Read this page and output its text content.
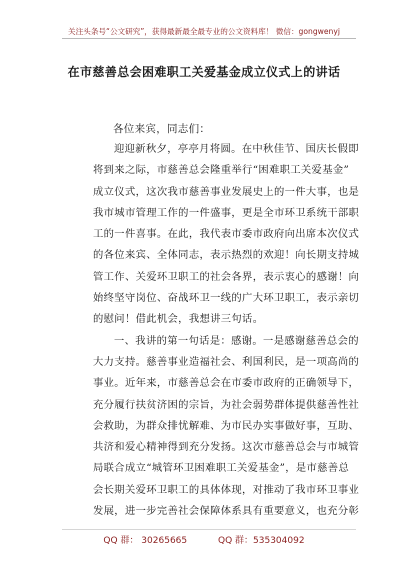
关注头条号“公文研究”，获得最新最全最专业的公文资料库！ 微信：gongwenyj
在市慈善总会困难职工关爱基金成立仪式上的讲话
各位来宾，同志们：
迎迎新秋夕，亭亭月将圆。在中秋佳节、国庆长假即
将到来之际，市慈善总会隆重举行“困难职工关爱基金”
成立仪式，这次我市慈善事业发展史上的一件大事，也是
我市城市管理工作的一件盛事，更是全市环卫系统干部职
工的一件喜事。在此，我代表市委市政府向出席本次仪式
的各位来宾、全体同志，表示热烈的欢迎！向长期支持城
管工作、关爱环卫职工的社会各界，表示衷心的感谢！向
始终坚守岗位、奋战环卫一线的广大环卫职工，表示亲切
的慰问！借此机会，我想讲三句话。
一、我讲的第一句话是：感谢。一是感谢慈善总会的
大力支持。慈善事业造福社会、利国利民，是一项高尚的
事业。近年来，市慈善总会在市委市政府的正确领导下，
充分履行扶贫济困的宗旨，为社会弱势群体提供慈善性社
会救助，为群众排忧解难、为市民办实事做好事，互助、
共济和爱心精神得到充分发扬。这次市慈善总会与市城管
局联合成立“城管环卫困难职工关爱基金”，是市慈善总
会长期关爱环卫职工的具体体现，对推动了我市环卫事业
发展，进一步完善社会保障体系具有重要意义，也充分彰
QQ 群： 30265665	QQ 群：535304092
